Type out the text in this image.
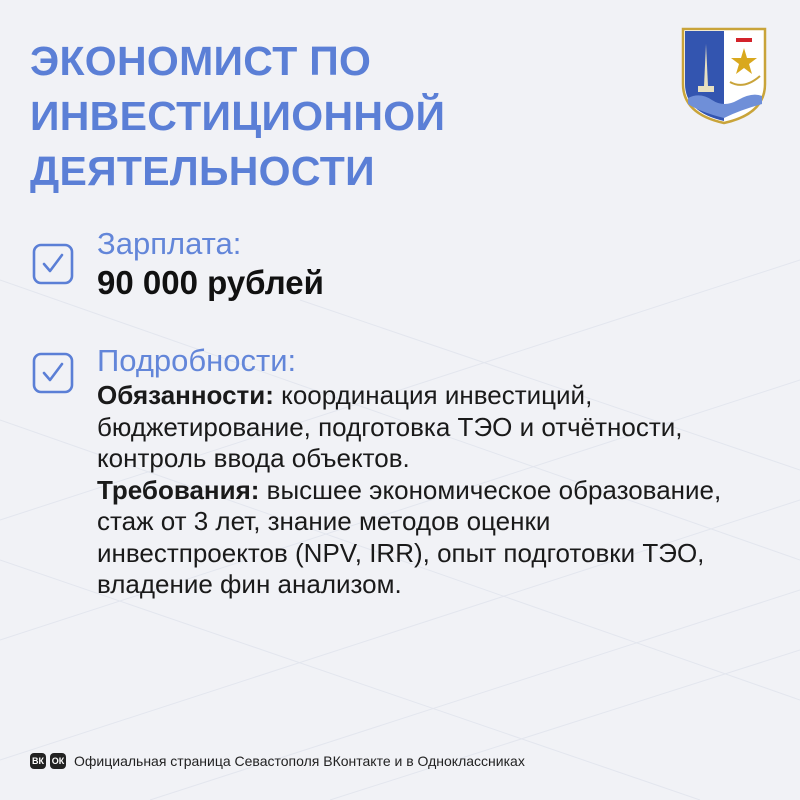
ЭКОНОМИСТ ПО
ИНВЕСТИЦИОННОЙ
ДЕЯТЕЛЬНОСТИ
Зарплата:
90 000 рублей
Подробности:
Обязанности: координация инвестиций, бюджетирование, подготовка ТЭО и отчётности, контроль ввода объектов.
Требования: высшее экономическое образование, стаж от 3 лет, знание методов оценки инвестпроектов (NPV, IRR), опыт подготовки ТЭО, владение фин анализом.
ВК ОК Официальная страница Севастополя ВКонтакте и в Одноклассниках
